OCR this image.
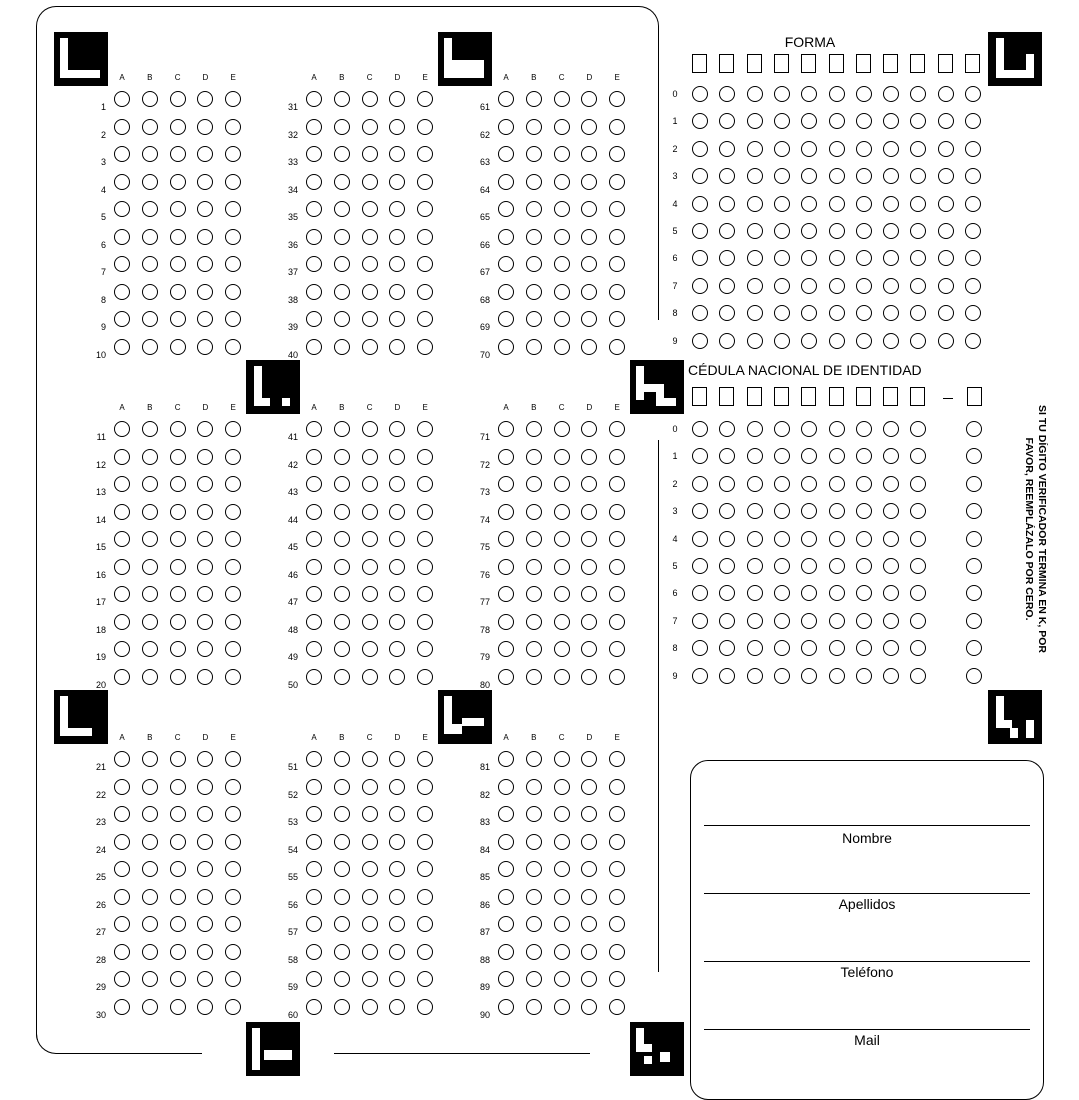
A	B	C	D	E
1
2
3
4
5
6
7
8
9
10
A	B	C	D	E
31
32
33
34
35
36
37
38
39
40
A	B	C	D	E
61
62
63
64
65
66
67
68
69
70
A	B	C	D	E
11
12
13
14
15
16
17
18
19
20
A	B	C	D	E
41
42
43
44
45
46
47
48
49
50
A	B	C	D	E
71
72
73
74
75
76
77
78
79
80
A	B	C	D	E
21
22
23
24
25
26
27
28
29
30
A	B	C	D	E
51
52
53
54
55
56
57
58
59
60
A	B	C	D	E
81
82
83
84
85
86
87
88
89
90
FORMA
0
1
2
3
4
5
6
7
8
9
CÉDULA NACIONAL DE IDENTIDAD
0
1
2
3
4
5
6
7
8
9
SI TU DÍGITO VERIFICADOR TERMINA EN K, POR FAVOR, REEMPLÁZALO POR CERO.
Nombre
Apellidos
Teléfono
Mail
